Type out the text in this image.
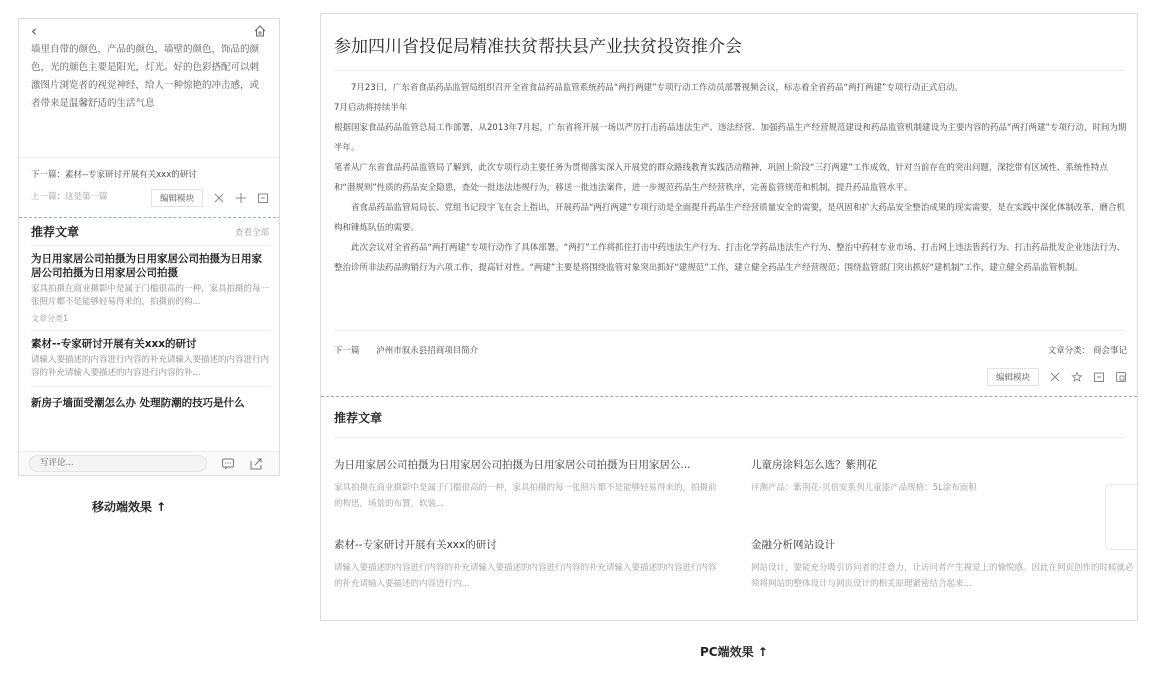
‹
墙里自带的颜色，产品的颜色，墙壁的颜色，饰品的颜色，光的颜色主要是阳光，灯光。好的色彩搭配可以刺激图片浏览者的视觉神经，给人一种惊艳的冲击感，或者带来是温馨舒适的生活气息
下一篇：素材--专家研讨开展有关xxx的研讨
上一篇：这是第一篇	编辑模块
推荐文章	查看全部
为日用家居公司拍摄为日用家居公司拍摄为日用家居公司拍摄为日用家居公司拍摄
家具拍摄在商业摄影中是属于门槛很高的一种，家具拍摄的每一张照片都不是能够轻易得来的，拍摄前的构...
文章分类1
素材--专家研讨开展有关xxx的研讨
请输入要描述的内容进行内容的补充请输入要描述的内容进行内容的补充请输入要描述的内容进行内容的补...
新房子墙面受潮怎么办 处理防潮的技巧是什么
写评论...
移动端效果 ↑
参加四川省投促局精准扶贫帮扶县产业扶贫投资推介会

　　7月23日，广东省食品药品监管局组织召开全省食品药品监管系统药品“两打两建”专项行动工作动员部署视频会议，标志着全省药品“两打两建”专项行动正式启动。

7月启动将持续半年

根据国家食品药品监管总局工作部署，从2013年7月起，广东省将开展一场以严厉打击药品违法生产、违法经营、加强药品生产经营规范建设和药品监管机制建设为主要内容的药品“两打两建”专项行动，时间为期半年。

笔者从广东省食品药品监管局了解到，此次专项行动主要任务为贯彻落实深入开展党的群众路线教育实践活动精神，巩固上阶段“三打两建”工作成效，针对当前存在的突出问题，深挖带有区域性、系统性特点和“潜规则”性质的药品安全隐患，查处一批违法违规行为，移送一批违法案件，进一步规范药品生产经营秩序，完善监管规范和机制，提升药品监管水平。

　　省食品药品监管局局长、党组书记段宇飞在会上指出，开展药品“两打两建”专项行动是全面提升药品生产经营质量安全的需要，是巩固和扩大药品安全整治成果的现实需要，是在实践中深化体制改革、磨合机构和锤炼队伍的需要。

　　此次会议对全省药品“两打两建”专项行动作了具体部署。“两打”工作将抓住打击中药违法生产行为、打击化学药品违法生产行为、整治中药材专业市场、打击网上违法售药行为、打击药品批发企业违法行为、整治诊所非法药品购销行为六项工作，提高针对性。“两建”主要是将围绕监管对象突出抓好“建规范”工作，建立健全药品生产经营规范；围绕监管部门突出抓好“建机制”工作，建立健全药品监管机制。

下一篇 泸州市叙永县招商项目简介	文章分类： 商会事记
编辑模块
推荐文章
为日用家居公司拍摄为日用家居公司拍摄为日用家居公司拍摄为日用家居公...
家具拍摄在商业摄影中是属于门槛很高的一种，家具拍摄的每一张照片都不是能够轻易得来的，拍摄前的构思，场景的布置，软装...
儿童房涂料怎么选？紫荆花
评测产品：紫荆花-贝倍安系列儿童漆产品规格：5L涂布面积
素材--专家研讨开展有关xxx的研讨
请输入要描述的内容进行内容的补充请输入要描述的内容进行内容的补充请输入要描述的内容进行内容的补充请输入要描述的内容进行内...
金融分析网站设计
网站设计，要能充分吸引访问者的注意力，让访问者产生视觉上的愉悦感。因此在网页创作的时候就必须将网站的整体设计与网页设计的相关原理紧密结合起来...
PC端效果 ↑
